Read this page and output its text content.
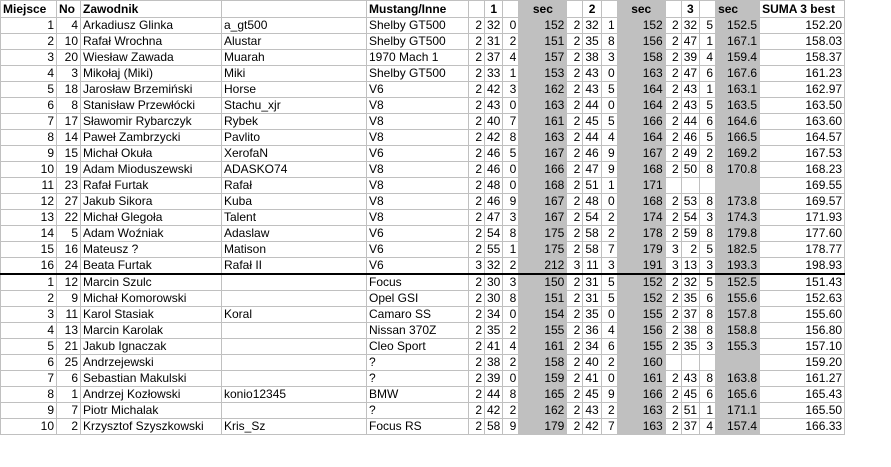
Miejsce	No	Zawodnik		Mustang/Inne		1		sec		2		sec		3		sec	SUMA 3 best
1	4	Arkadiusz Glinka	a_gt500	Shelby GT500	2	32	0	152	2	32	1	152	2	32	5	152.5	152.20
2	10	Rafał Wrochna	Alustar	Shelby GT500	2	31	2	151	2	35	8	156	2	47	1	167.1	158.03
3	20	Wiesław Zawada	Muarah	1970 Mach 1	2	37	4	157	2	38	3	158	2	39	4	159.4	158.37
4	3	Mikołaj (Miki)	Miki	Shelby GT500	2	33	1	153	2	43	0	163	2	47	6	167.6	161.23
5	18	Jarosław Brzemiński	Horse	V6	2	42	3	162	2	43	5	164	2	43	1	163.1	162.97
6	8	Stanisław Przewłócki	Stachu_xjr	V8	2	43	0	163	2	44	0	164	2	43	5	163.5	163.50
7	17	Sławomir Rybarczyk	Rybek	V8	2	40	7	161	2	45	5	166	2	44	6	164.6	163.60
8	14	Paweł Zambrzycki	Pavlito	V8	2	42	8	163	2	44	4	164	2	46	5	166.5	164.57
9	15	Michał Okuła	XerofaN	V6	2	46	5	167	2	46	9	167	2	49	2	169.2	167.53
10	19	Adam Mioduszewski	ADASKO74	V8	2	46	0	166	2	47	9	168	2	50	8	170.8	168.23
11	23	Rafał Furtak	Rafał	V8	2	48	0	168	2	51	1	171					169.55
12	27	Jakub Sikora	Kuba	V8	2	46	9	167	2	48	0	168	2	53	8	173.8	169.57
13	22	Michał Glegoła	Talent	V8	2	47	3	167	2	54	2	174	2	54	3	174.3	171.93
14	5	Adam Woźniak	Adaslaw	V6	2	54	8	175	2	58	2	178	2	59	8	179.8	177.60
15	16	Mateusz ?	Matison	V6	2	55	1	175	2	58	7	179	3	2	5	182.5	178.77
16	24	Beata Furtak	Rafał II	V6	3	32	2	212	3	11	3	191	3	13	3	193.3	198.93
1	12	Marcin Szulc		Focus	2	30	3	150	2	31	5	152	2	32	5	152.5	151.43
2	9	Michał Komorowski		Opel GSI	2	30	8	151	2	31	5	152	2	35	6	155.6	152.63
3	11	Karol Stasiak	Koral	Camaro SS	2	34	0	154	2	35	0	155	2	37	8	157.8	155.60
4	13	Marcin Karolak		Nissan 370Z	2	35	2	155	2	36	4	156	2	38	8	158.8	156.80
5	21	Jakub Ignaczak		Cleo Sport	2	41	4	161	2	34	6	155	2	35	3	155.3	157.10
6	25	Andrzejewski		?	2	38	2	158	2	40	2	160					159.20
7	6	Sebastian Makulski		?	2	39	0	159	2	41	0	161	2	43	8	163.8	161.27
8	1	Andrzej Kozłowski	konio12345	BMW	2	44	8	165	2	45	9	166	2	45	6	165.6	165.43
9	7	Piotr Michalak		?	2	42	2	162	2	43	2	163	2	51	1	171.1	165.50
10	2	Krzysztof Szyszkowski	Kris_Sz	Focus RS	2	58	9	179	2	42	7	163	2	37	4	157.4	166.33
